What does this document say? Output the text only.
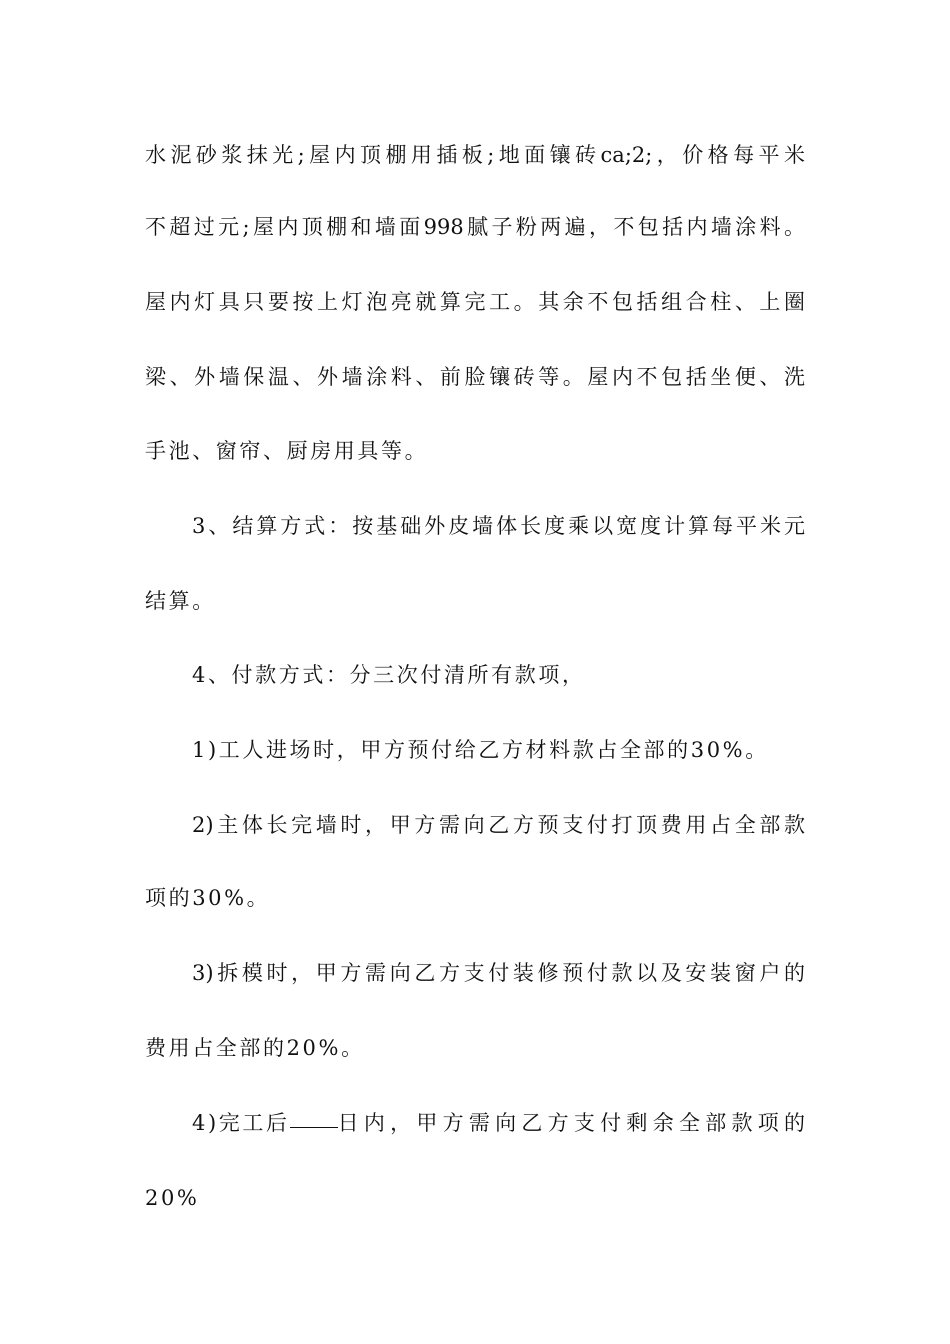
水泥砂浆抹光;屋内顶棚用插板;地面镶砖ca;2;，价格每平米
不超过元;屋内顶棚和墙面998腻子粉两遍，不包括内墙涂料。
屋内灯具只要按上灯泡亮就算完工。其余不包括组合柱、上圈
梁、外墙保温、外墙涂料、前脸镶砖等。屋内不包括坐便、洗
手池、窗帘、厨房用具等。
3、结算方式：按基础外皮墙体长度乘以宽度计算每平米元
结算。
4、付款方式：分三次付清所有款项，
1)工人进场时，甲方预付给乙方材料款占全部的30%。
2)主体长完墙时，甲方需向乙方预支付打顶费用占全部款
项的30%。
3)拆模时，甲方需向乙方支付装修预付款以及安装窗户的
费用占全部的20%。
4)完工后 日内，甲方需向乙方支付剩余全部款项的
20%
